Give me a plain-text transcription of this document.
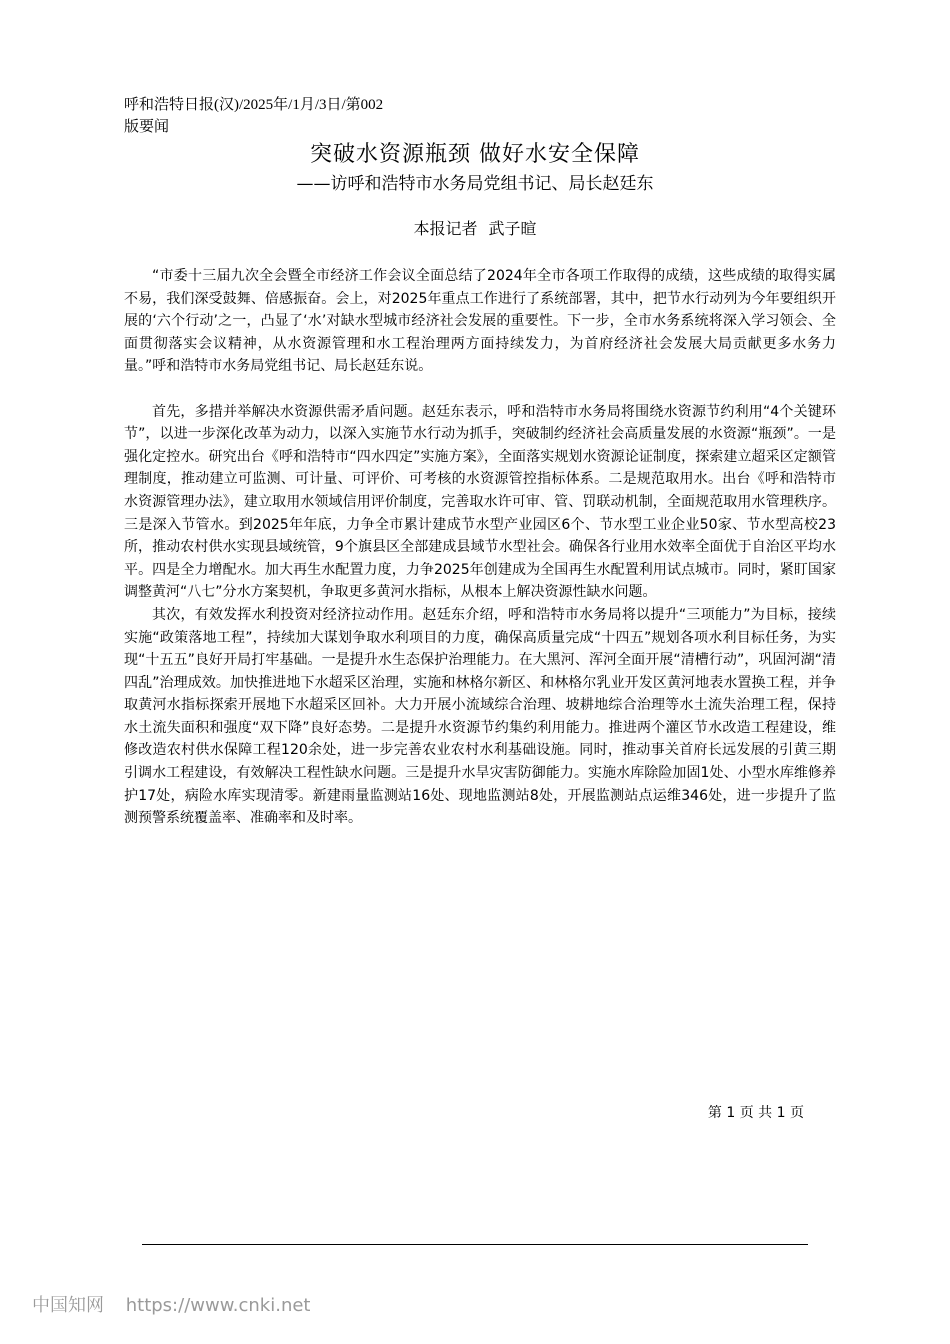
呼和浩特日报(汉)/2025年/1月/3日/第002
版要闻
突破水资源瓶颈 做好水安全保障
——访呼和浩特市水务局党组书记、局长赵廷东
本报记者 武子暄

“市委十三届九次全会暨全市经济工作会议全面总结了2024年全市各项工作取得的成绩，这些成绩的取得实属不易，我们深受鼓舞、倍感振奋。会上，对2025年重点工作进行了系统部署，其中，把节水行动列为今年要组织开展的‘六个行动’之一，凸显了‘水’对缺水型城市经济社会发展的重要性。下一步，全市水务系统将深入学习领会、全面贯彻落实会议精神，从水资源管理和水工程治理两方面持续发力，为首府经济社会发展大局贡献更多水务力量。”呼和浩特市水务局党组书记、局长赵廷东说。

首先，多措并举解决水资源供需矛盾问题。赵廷东表示，呼和浩特市水务局将围绕水资源节约利用“4个关键环节”，以进一步深化改革为动力，以深入实施节水行动为抓手，突破制约经济社会高质量发展的水资源“瓶颈”。一是强化定控水。研究出台《呼和浩特市“四水四定”实施方案》，全面落实规划水资源论证制度，探索建立超采区定额管理制度，推动建立可监测、可计量、可评价、可考核的水资源管控指标体系。二是规范取用水。出台《呼和浩特市水资源管理办法》，建立取用水领域信用评价制度，完善取水许可审、管、罚联动机制，全面规范取用水管理秩序。三是深入节管水。到2025年年底，力争全市累计建成节水型产业园区6个、节水型工业企业50家、节水型高校23所，推动农村供水实现县域统管，9个旗县区全部建成县域节水型社会。确保各行业用水效率全面优于自治区平均水平。四是全力增配水。加大再生水配置力度，力争2025年创建成为全国再生水配置利用试点城市。同时，紧盯国家调整黄河“八七”分水方案契机，争取更多黄河水指标，从根本上解决资源性缺水问题。

其次，有效发挥水利投资对经济拉动作用。赵廷东介绍，呼和浩特市水务局将以提升“三项能力”为目标，接续实施“政策落地工程”，持续加大谋划争取水利项目的力度，确保高质量完成“十四五”规划各项水利目标任务，为实现“十五五”良好开局打牢基础。一是提升水生态保护治理能力。在大黑河、浑河全面开展“清槽行动”，巩固河湖“清四乱”治理成效。加快推进地下水超采区治理，实施和林格尔新区、和林格尔乳业开发区黄河地表水置换工程，并争取黄河水指标探索开展地下水超采区回补。大力开展小流域综合治理、坡耕地综合治理等水土流失治理工程，保持水土流失面积和强度“双下降”良好态势。二是提升水资源节约集约利用能力。推进两个灌区节水改造工程建设，维修改造农村供水保障工程120余处，进一步完善农业农村水利基础设施。同时，推动事关首府长远发展的引黄三期引调水工程建设，有效解决工程性缺水问题。三是提升水旱灾害防御能力。实施水库除险加固1处、小型水库维修养护17处，病险水库实现清零。新建雨量监测站16处、现地监测站8处，开展监测站点运维346处，进一步提升了监测预警系统覆盖率、准确率和及时率。

第 1 页 共 1 页
中国知网 https://www.cnki.net
